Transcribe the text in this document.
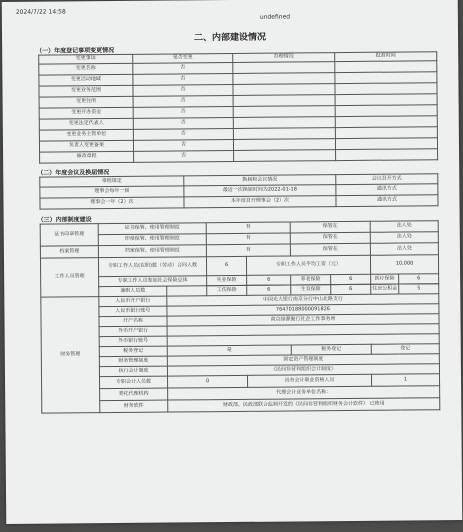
2024/7/22 14:58
undefined
二、内部建设情况
（一）年度登记事项变更情况
变更事项	是否变更	办理情况	批准时间
变更名称	否		
变更活动地域	否		
变更业务范围	否		
变更住所	否		
变更开办资金	否		
变更法定代表人	否		
变更业务主管单位	否		
负责人变更备案	否		
修改章程	否		
（二）年度会议及换届情况
章程规定	换届和会议情况	会议召开方式
理事会每年一届	最近一次换届时间为2022-01-18	通讯方式
理事会一年（2）次	本年度召开理事会（2）次	通讯方式
（三）内部制度建设
证书印章管理	证书保管、使用管理制度		有		保管在		法人处	
	印章保管、使用管理制度		有		保管在		法人处	
档案管理	档案保管、使用管理制度		有		保管在		法人处	
工作人员管理	专职工作人员(在职)数（劳动）合同人数		6	专职工作人员平均工资（元）			10,000	
	专职工作人员参加社会保险总体		失业保险	6	养老保险	6	医疗保险	6

	兼职人员数		工伤保险	6	生育保险	6	住房公积金	5
财务管理	人民币开户银行	中国光大银行南京分行中山北路支行						
	人民币银行账号	76470188000091826						
	开户名称	南京绿源聚行社企工作事务所						
	外币开户银行							
	外币银行账号							
	税务登记	是			税务登记		登记	
	财务管理制度	固定资产管理制度						
	执行会计制度	《民间非营利组织会计制度》						
	专职会计人员数	0		具有会计职业资格人员			1	
	委托代理机构	代理会计业务单位名称：						
	财务软件	财政部、民政部联合监制开发的《民间非营利组织财务会计软件》 已使用						
